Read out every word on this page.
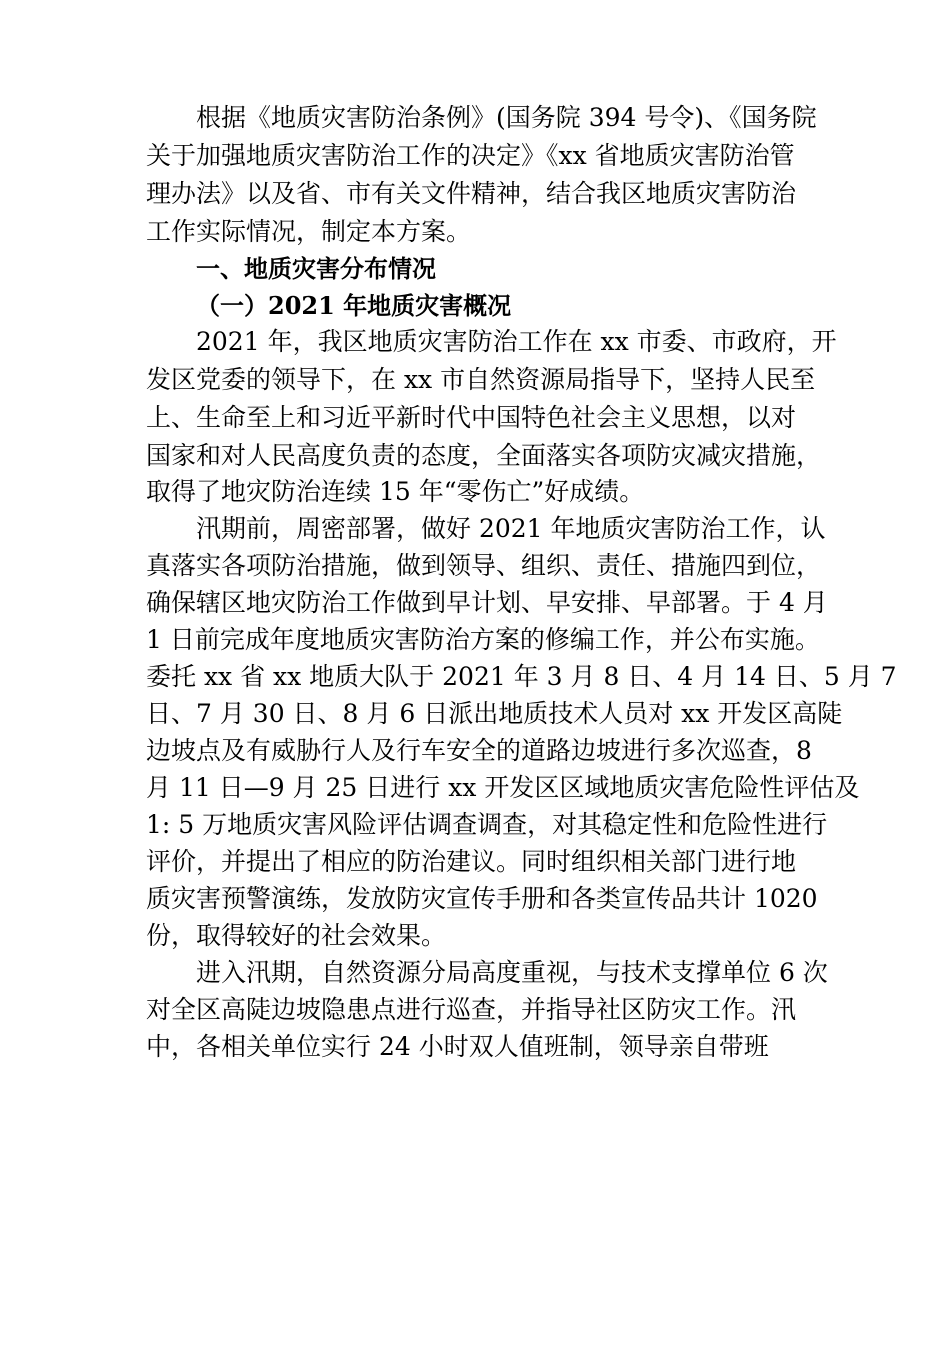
根据《地质灾害防治条例》(国务院 394 号令)、《国务院
关于加强地质灾害防治工作的决定》《xx 省地质灾害防治管
理办法》以及省、市有关文件精神，结合我区地质灾害防治
工作实际情况，制定本方案。
一、地质灾害分布情况
（一）2021 年地质灾害概况
2021 年，我区地质灾害防治工作在 xx 市委、市政府，开
发区党委的领导下，在 xx 市自然资源局指导下，坚持人民至
上、生命至上和习近平新时代中国特色社会主义思想，以对
国家和对人民高度负责的态度，全面落实各项防灾减灾措施，
取得了地灾防治连续 15 年“零伤亡”好成绩。
汛期前，周密部署，做好 2021 年地质灾害防治工作，认
真落实各项防治措施，做到领导、组织、责任、措施四到位，
确保辖区地灾防治工作做到早计划、早安排、早部署。于 4 月
1 日前完成年度地质灾害防治方案的修编工作，并公布实施。
委托 xx 省 xx 地质大队于 2021 年 3 月 8 日、4 月 14 日、5 月 7
日、7 月 30 日、8 月 6 日派出地质技术人员对 xx 开发区高陡
边坡点及有威胁行人及行车安全的道路边坡进行多次巡查，8
月 11 日—9 月 25 日进行 xx 开发区区域地质灾害危险性评估及
1: 5 万地质灾害风险评估调查调查，对其稳定性和危险性进行
评价，并提出了相应的防治建议。同时组织相关部门进行地
质灾害预警演练，发放防灾宣传手册和各类宣传品共计 1020
份，取得较好的社会效果。
进入汛期，自然资源分局高度重视，与技术支撑单位 6 次
对全区高陡边坡隐患点进行巡查，并指导社区防灾工作。汛
中，各相关单位实行 24 小时双人值班制，领导亲自带班
